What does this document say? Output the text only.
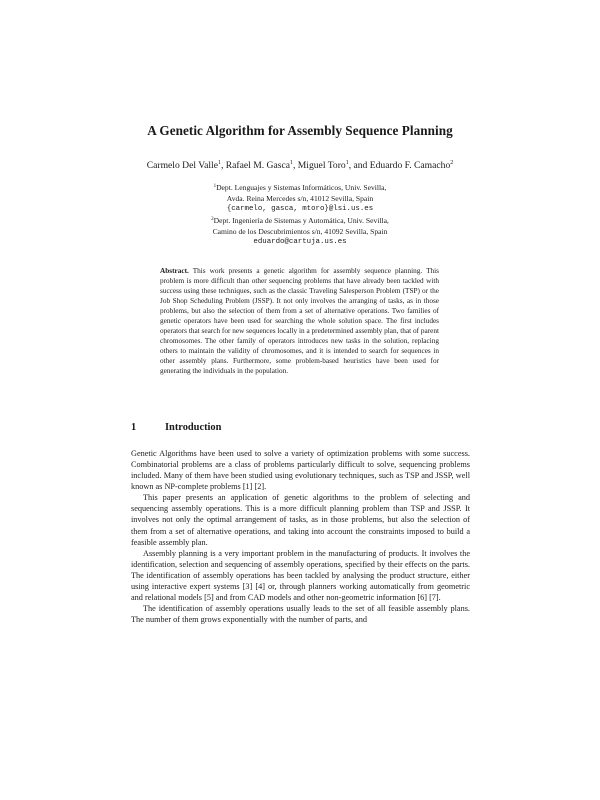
A Genetic Algorithm for Assembly Sequence Planning
Carmelo Del Valle$^1$, Rafael M. Gasca$^1$, Miguel Toro$^1$, and Eduardo F. Camacho$^2$
$^1$Dept. Lenguajes y Sistemas Informáticos, Univ. Sevilla,
Avda. Reina Mercedes s/n, 41012 Sevilla, Spain
{carmelo, gasca, mtoro}@lsi.us.es
$^2$Dept. Ingeniería de Sistemas y Automática, Univ. Sevilla,
Camino de los Descubrimientos s/n, 41092 Sevilla, Spain
eduardo@cartuja.us.es
Abstract. This work presents a genetic algorithm for assembly sequence planning. This problem is more difficult than other sequencing problems that have already been tackled with success using these techniques, such as the classic Traveling Salesperson Problem (TSP) or the Job Shop Scheduling Problem (JSSP). It not only involves the arranging of tasks, as in those problems, but also the selection of them from a set of alternative operations. Two families of genetic operators have been used for searching the whole solution space. The first includes operators that search for new sequences locally in a predetermined assembly plan, that of parent chromosomes. The other family of operators introduces new tasks in the solution, replacing others to maintain the validity of chromosomes, and it is intended to search for sequences in other assembly plans. Furthermore, some problem-based heuristics have been used for generating the individuals in the population.
1	Introduction

Genetic Algorithms have been used to solve a variety of optimization problems with some success. Combinatorial problems are a class of problems particularly difficult to solve, sequencing problems included. Many of them have been studied using evolutionary techniques, such as TSP and JSSP, well known as NP-complete problems [1] [2].

This paper presents an application of genetic algorithms to the problem of selecting and sequencing assembly operations. This is a more difficult planning problem than TSP and JSSP. It involves not only the optimal arrangement of tasks, as in those problems, but also the selection of them from a set of alternative operations, and taking into account the constraints imposed to build a feasible assembly plan.

Assembly planning is a very important problem in the manufacturing of products. It involves the identification, selection and sequencing of assembly operations, specified by their effects on the parts. The identification of assembly operations has been tackled by analysing the product structure, either using interactive expert systems [3] [4] or, through planners working automatically from geometric and relational models [5] and from CAD models and other non-geometric information [6] [7].

The identification of assembly operations usually leads to the set of all feasible assembly plans. The number of them grows exponentially with the number of parts, and
